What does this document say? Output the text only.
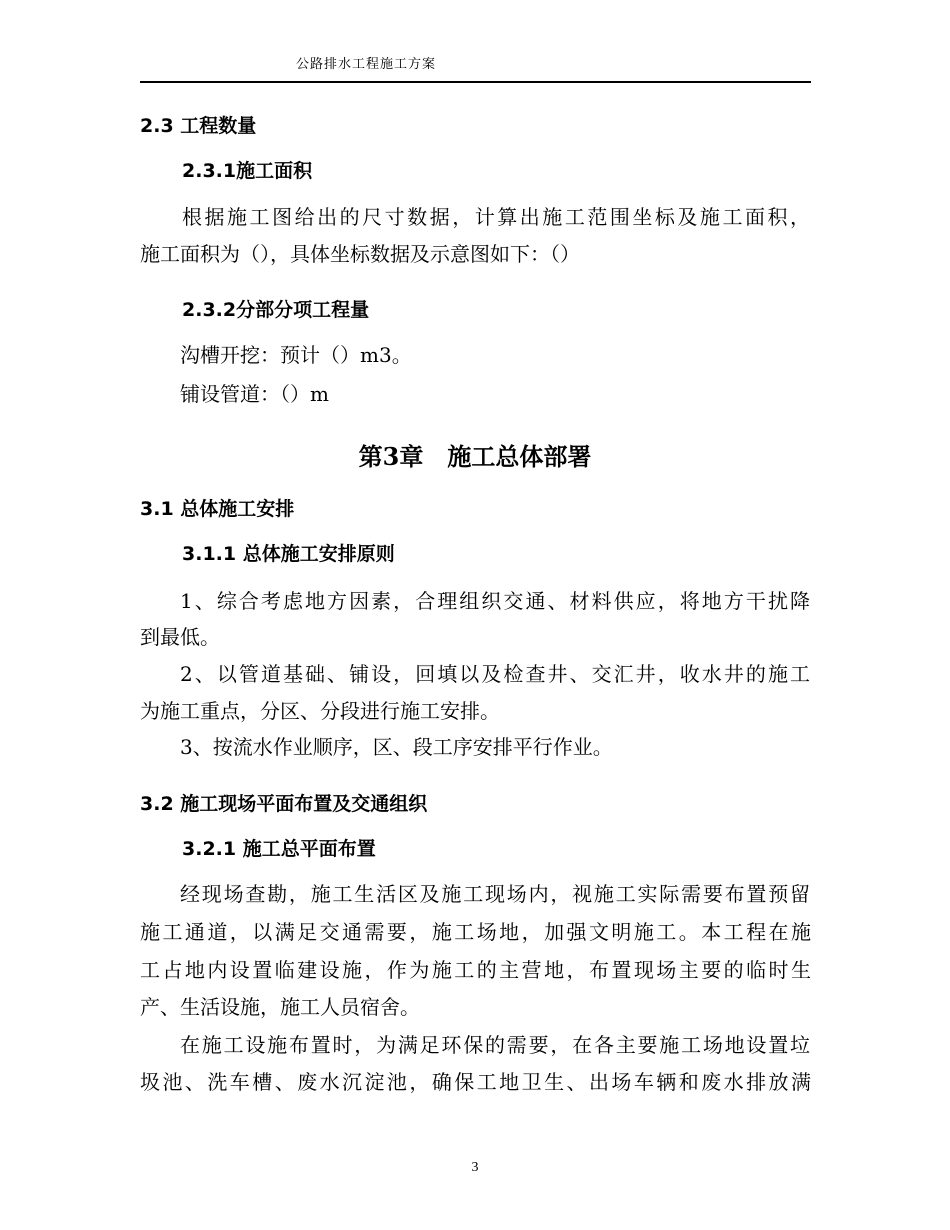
公路排水工程施工方案
2.3 工程数量
2.3.1施工面积
根据施工图给出的尺寸数据，计算出施工范围坐标及施工面积，
施工面积为（），具体坐标数据及示意图如下：（）
2.3.2分部分项工程量
沟槽开挖：预计（）m3。
铺设管道：（）m
第3章　施工总体部署
3.1 总体施工安排
3.1.1 总体施工安排原则
1、综合考虑地方因素，合理组织交通、材料供应，将地方干扰降
到最低。
2、以管道基础、铺设，回填以及检查井、交汇井，收水井的施工
为施工重点，分区、分段进行施工安排。
3、按流水作业顺序，区、段工序安排平行作业。
3.2 施工现场平面布置及交通组织
3.2.1 施工总平面布置
经现场查勘，施工生活区及施工现场内，视施工实际需要布置预留
施工通道，以满足交通需要，施工场地，加强文明施工。本工程在施
工占地内设置临建设施，作为施工的主营地，布置现场主要的临时生
产、生活设施，施工人员宿舍。
在施工设施布置时，为满足环保的需要，在各主要施工场地设置垃
圾池、洗车槽、废水沉淀池，确保工地卫生、出场车辆和废水排放满
3
